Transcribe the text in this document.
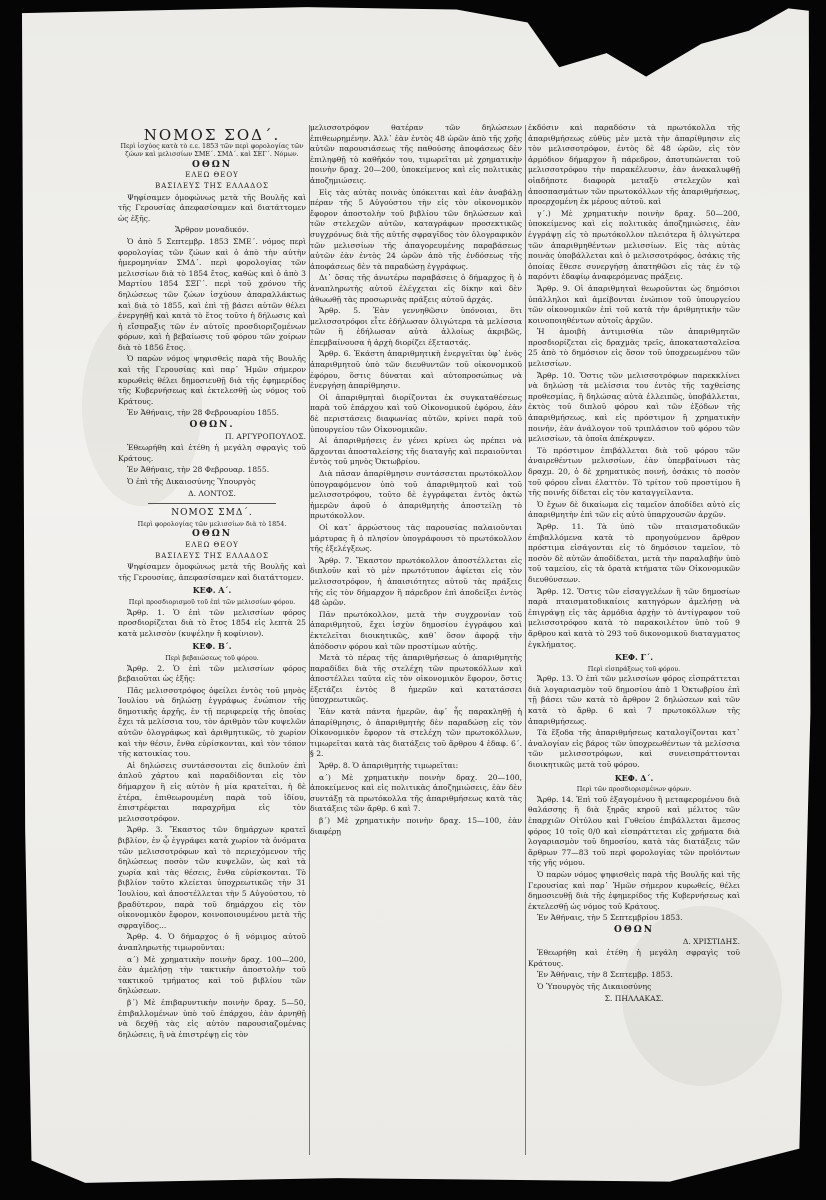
ΝΟΜΟΣ ΣΟΔ΄.

Περὶ ἰσχύος κατὰ τὸ ε.ε. 1853 τῶν περὶ φορολογίας τῶν ζώων καὶ μελισσίων ΣΜΕ΄. ΣΜΔ΄. καὶ ΣΕΓ΄. Νόμων.

ΟΘΩΝ

ΕΛΕΩ ΘΕΟΥ

ΒΑΣΙΛΕΥΣ ΤΗΣ ΕΛΛΑΔΟΣ

Ψηφίσαμεν ὁμοφώνως μετὰ τῆς Βουλῆς καὶ τῆς Γερουσίας ἀπεφασίσαμεν καὶ διατάττομεν ὡς ἑξῆς.

Ἄρθρον μοναδικόν.

Ὁ ἀπὸ 5 Σεπτεμβρ. 1853 ΣΜΕ΄. νόμος περὶ φορολογίας τῶν ζώων καὶ ὁ ἀπὸ τὴν αὐτὴν ἡμερομηνίαν ΣΜΔ΄. περὶ φορολογίας τῶν μελισσίων διὰ τὸ 1854 ἔτος, καθὼς καὶ ὁ ἀπὸ 3 Μαρτίου 1854 ΣΞΓ΄. περὶ τοῦ χρόνου τῆς δηλώσεως τῶν ζώων ἰσχύουν ἀπαραλλάκτως καὶ διὰ τὸ 1855, καὶ ἐπὶ τῇ βάσει αὐτῶν θέλει ἐνεργηθῇ καὶ κατὰ τὸ ἔτος τοῦτο ἡ δήλωσις καὶ ἡ εἴσπραξις τῶν ἐν αὐτοῖς προσδιοριζομένων φόρων, καὶ ἡ βεβαίωσις τοῦ φόρου τῶν χοίρων διὰ τὸ 1856 ἔτος.

Ὁ παρὼν νόμος ψηφισθεὶς παρὰ τῆς Βουλῆς καὶ τῆς Γερουσίας καὶ παρ᾿ Ἡμῶν σήμερον κυρωθεὶς θέλει δημοσιευθῇ διὰ τῆς ἐφημερίδος τῆς Κυβερνήσεως καὶ ἐκτελεσθῇ ὡς νόμος τοῦ Κράτους.

Ἐν Ἀθήναις, τὴν 28 Φεβρουαρίου 1855.

ΟΘΩΝ.

Π. ΑΡΓΥΡΟΠΟΥΛΟΣ.

Ἐθεωρήθη καὶ ἐτέθη ἡ μεγάλη σφραγὶς τοῦ Κράτους.

Ἐν Ἀθήναις, τὴν 28 Φεβρουαρ. 1855.

Ὁ ἐπὶ τῆς Δικαιοσύνης Ὑπουργὸς

Δ. ΛΟΝΤΟΣ.

ΝΟΜΟΣ ΣΜΔ΄.

Περὶ φορολογίας τῶν μελισσίων διὰ τὸ 1854.

ΟΘΩΝ

ΕΛΕΩ ΘΕΟΥ

ΒΑΣΙΛΕΥΣ ΤΗΣ ΕΛΛΑΔΟΣ

Ψηφίσαμεν ὁμοφώνως μετὰ τῆς Βουλῆς καὶ τῆς Γερουσίας, ἀπεφασίσαμεν καὶ διατάττομεν.

ΚΕΦ. Α΄.

Περὶ προσδιορισμοῦ τοῦ ἐπὶ τῶν μελισσίων φόρου.

Ἄρθρ. 1. Ὁ ἐπὶ τῶν μελισσίων φόρος προσδιορίζεται διὰ τὸ ἔτος 1854 εἰς λεπτὰ 25 κατὰ μελισσὸν (κυψέλην ἢ κοφίνιον).

ΚΕΦ. Β΄.

Περὶ βεβαιώσεως τοῦ φόρου.

Ἄρθρ. 2. Ὁ ἐπὶ τῶν μελισσίων φόρος βεβαιοῦται ὡς ἑξῆς:

Πᾶς μελισσοτρόφος ὀφείλει ἐντὸς τοῦ μηνὸς Ἰουλίου νὰ δηλώσῃ ἐγγράφως ἐνώπιον τῆς δημοτικῆς ἀρχῆς, ἐν τῇ περιφερείᾳ τῆς ὁποίας ἔχει τὰ μελίσσια του, τὸν ἀριθμὸν τῶν κυψελῶν αὐτῶν ὁλογράφως καὶ ἀριθμητικῶς, τὸ χωρίον καὶ τὴν θέσιν, ἔνθα εὑρίσκονται, καὶ τὸν τόπον τῆς κατοικίας του.

Αἱ δηλώσεις συντάσσονται εἰς διπλοῦν ἐπὶ ἁπλοῦ χάρτου καὶ παραδίδονται εἰς τὸν δήμαρχον ἢ εἰς αὐτὸν ἡ μία κρατεῖται, ἡ δὲ ἑτέρα, ἐπιθεωρουμένη παρὰ τοῦ ἰδίου, ἐπιστρέφεται παραχρῆμα εἰς τὸν μελισσοτρόφον.

Ἄρθρ. 3. Ἕκαστος τῶν δημάρχων κρατεῖ βιβλίον, ἐν ᾧ ἐγγράφει κατὰ χωρίον τὰ ὀνόματα τῶν μελισσοτρόφων καὶ τὸ περιεχόμενον τῆς δηλώσεως ποσὸν τῶν κυψελῶν, ὡς καὶ τὰ χωρία καὶ τὰς θέσεις, ἔνθα εὑρίσκονται. Τὸ βιβλίον τοῦτο κλείεται ὑποχρεωτικῶς τὴν 31 Ἰουλίου, καὶ ἀποστέλλεται τὴν 5 Αὐγούστου, τὸ βραδύτερον, παρὰ τοῦ δημάρχου εἰς τὸν οἰκονομικὸν ἔφορον, κοινοποιουμένου μετὰ τῆς σφραγῖδος...

Ἄρθρ. 4. Ὁ δήμαρχος ὁ ἢ νόμιμος αὐτοῦ ἀναπληρωτὴς τιμωροῦνται:

α΄) Μὲ χρηματικὴν ποινὴν δραχ. 100—200, ἐὰν ἀμελήσῃ τὴν τακτικὴν ἀποστολὴν τοῦ τακτικοῦ τμήματος καὶ τοῦ βιβλίου τῶν δηλώσεων.

β΄) Μὲ ἐπιβαρυντικὴν ποινὴν δραχ. 5—50, ἐπιβαλλομένων ὑπὸ τοῦ ἐπάρχου, ἐὰν ἀρνηθῇ νὰ δεχθῇ τὰς εἰς αὐτὸν παρουσιαζομένας δηλώσεις, ἢ νὰ ἐπιστρέψῃ εἰς τὸν

μελισσοτρόφον θατέραν τῶν δηλώσεων ἐπιθεωρημένην. Ἀλλ᾿ ἐὰν ἐντὸς 48 ὡρῶν ἀπὸ τῆς χρῆς αὐτῶν παρουσιάσεως τῆς παθούσης ἀποφάσεως δὲν ἐπιληφθῇ τὸ καθῆκόν του, τιμωρεῖται μὲ χρηματικὴν ποινὴν δραχ. 20—200, ὑποκείμενος καὶ εἰς πολιτικὰς ἀποζημιώσεις.

Εἰς τὰς αὐτὰς ποινὰς ὑπόκειται καὶ ἐὰν ἀναβάλῃ πέραν τῆς 5 Αὐγούστου τὴν εἰς τὸν οἰκονομικὸν ἔφορον ἀποστολὴν τοῦ βιβλίου τῶν δηλώσεων καὶ τῶν στελεχῶν αὐτῶν, καταγράφων προσεκτικῶς συγχρόνως διὰ τῆς αὐτῆς σφραγῖδος τὸν ὁλογραφικὸν τῶν μελισσίων τῆς ἀπαγορευμένης παραβάσεως αὐτῶν ἐὰν ἐντὸς 24 ὡρῶν ἀπὸ τῆς ἐνδόσεως τῆς ἀποφάσεως δὲν τὰ παραδώσῃ ἐγγράφως.

Δι᾿ ὅσας τῆς ἀνωτέρω παραβάσεις ὁ δήμαρχος ἢ ὁ ἀναπληρωτὴς αὐτοῦ ἐλέγχεται εἰς δίκην καὶ δὲν ἀθωωθῇ τὰς προσωρινὰς πράξεις αὐτοῦ ἀρχάς.

Ἄρθρ. 5. Ἐὰν γεννηθῶσιν ὑπόνοιαι, ὅτι μελισσοτρόφοι εἶτε ἐδήλωσαν ὀλιγώτερα τὰ μελίσσια τῶν ἢ ἐδήλωσαν αὐτὰ ἀλλοίως ἀκριβῶς, ἐπεμβαίνουσα ἡ ἀρχὴ διορίζει ἐξεταστάς.

Ἄρθρ. 6. Ἑκάστη ἀπαριθμητικὴ ἐνεργεῖται ὑφ᾿ ἑνὸς ἀπαριθμητοῦ ὑπὸ τῶν διευθυντῶν τοῦ οἰκονομικοῦ ἐφόρου, ὅστις δύναται καὶ αὐτοπροσώπως νὰ ἐνεργήσῃ ἀπαρίθμησιν.

Οἱ ἀπαριθμηταὶ διορίζονται ἐκ συγκαταθέσεως παρὰ τοῦ ἐπάρχου καὶ τοῦ Οἰκονομικοῦ ἐφόρου, ἐὰν δὲ περιστάσεις διαφωνίας αὐτῶν, κρίνει παρὰ τοῦ ὑπουργείου τῶν Οἰκονομικῶν.

Αἱ ἀπαριθμήσεις ἐν γένει κρίνει ὡς πρέπει νὰ ἄρχονται ἀποσταλείσης τῆς διαταγῆς καὶ περαιοῦνται ἐντὸς τοῦ μηνὸς Ὀκτωβρίου.

Διὰ πᾶσαν ἀπαρίθμησιν συντάσσεται πρωτόκολλον ὑπογραφόμενον ὑπὸ τοῦ ἀπαριθμητοῦ καὶ τοῦ μελισσοτρόφου, τοῦτο δὲ ἐγγράφεται ἐντὸς ὀκτὼ ἡμερῶν ἀφοῦ ὁ ἀπαριθμητὴς ἀποστείλῃ τὸ πρωτόκολλον.

Οἱ κατ᾿ ἀρρώστους τὰς παρουσίας παλαιοῦνται μάρτυρας ἢ ὁ πλησίον ὑπογράφουσι τὸ πρωτόκολλον τῆς ἐξελέγξεως.

Ἄρθρ. 7. Ἕκαστον πρωτόκολλον ἀποστέλλεται εἰς διπλοῦν καὶ τὸ μὲν πρωτότυπον ἀφίεται εἰς τὸν μελισσοτρόφον, ἡ ἀπαισιότητες αὐτοῦ τὰς πράξεις τῆς εἰς τὸν δήμαρχον ἢ πάρεδρον ἐπὶ ἀποδείξει ἐντὸς 48 ὡρῶν.

Πᾶν πρωτόκολλον, μετὰ τὴν συγχρονίαν τοῦ ἀπαριθμητοῦ, ἔχει ἰσχὺν δημοσίου ἐγγράφου καὶ ἐκτελεῖται διοικητικῶς, καθ᾿ ὅσον ἀφορᾷ τὴν ἀπόδοσιν φόρου καὶ τῶν προστίμων αὐτῆς.

Μετὰ τὸ πέρας τῆς ἀπαριθμήσεως ὁ ἀπαριθμητὴς παραδίδει διὰ τῆς στελέχη τῶν πρωτοκόλλων καὶ ἀποστέλλει ταῦτα εἰς τὸν οἰκονομικὸν ἔφορον, ὅστις ἐξετάζει ἐντὸς 8 ἡμερῶν καὶ κατατάσσει ὑποχρεωτικῶς.

Ἐὰν κατὰ πάντα ἡμερῶν, ἀφ᾿ ἧς παρακληθῇ ἡ ἀπαρίθμησις, ὁ ἀπαριθμητὴς δὲν παραδώσῃ εἰς τὸν Οἰκονομικὸν ἔφορον τὰ στελέχη τῶν πρωτοκόλλων, τιμωρεῖται κατὰ τὰς διατάξεις τοῦ ἄρθρου 4 ἐδαφ. 6΄. § 2.

Ἄρθρ. 8. Ὁ ἀπαριθμητὴς τιμωρεῖται:

α΄) Μὲ χρηματικὴν ποινὴν δραχ. 20—100, ἀποκείμενος καὶ εἰς πολιτικὰς ἀποζημιώσεις, ἐὰν δὲν συντάξῃ τὰ πρωτόκολλα τῆς ἀπαριθμήσεως κατὰ τὰς διατάξεις τῶν ἄρθρ. 6 καὶ 7.

β΄) Μὲ χρηματικὴν ποινὴν δραχ. 15—100, ἐὰν διαφέρῃ

ἐκδόσιν καὶ παραδόσιν τὰ πρωτόκολλα τῆς ἀπαριθμήσεως εὐθὺς μὲν μετὰ τὴν ἀπαρίθμησιν εἰς τὸν μελισσοτρόφον, ἐντὸς δὲ 48 ὡρῶν, εἰς τὸν ἁρμόδιον δήμαρχον ἢ πάρεδρον, ἀποτυπώνεται τοῦ μελισσοτρόφου τὴν παρακέλευσιν, ἐὰν ἀνακαλυφθῇ οἱαδήποτε διαφορὰ μεταξὺ στελεχῶν καὶ ἀποσπασμάτων τῶν πρωτοκόλλων τῆς ἀπαριθμήσεως, προερχομένη ἐκ μέρους αὐτοῦ. καὶ

γ΄.) Μὲ χρηματικὴν ποινὴν δραχ. 50—200, ὑποκείμενος καὶ εἰς πολιτικὰς ἀποζημιώσεις, ἐὰν ἐγγράψῃ εἰς τὸ πρωτόκολλον πλειότερα ἢ ὀλιγώτερα τῶν ἀπαριθμηθέντων μελισσίων. Εἰς τὰς αὐτὰς ποινὰς ὑποβάλλεται καὶ ὁ μελισσοτρόφος, ὁσάκις τῆς ὁποίας ἔθεσε συνεργήσῃ ἀπατηθῶσι εἰς τὰς ἐν τῷ παρόντι ἐδαφίῳ ἀναφερόμενας πράξεις.

Ἄρθρ. 9. Οἱ ἀπαριθμηταὶ θεωροῦνται ὡς δημόσιοι ὑπάλληλοι καὶ ἀμείβονται ἐνώπιον τοῦ ὑπουργείου τῶν οἰκονομικῶν ἐπὶ τοῦ κατὰ τὴν ἀριθμητικὴν τῶν κοινοποιηθέντων αὐτοῖς ἀρχῶν.

Ἡ ἀμοιβὴ ἀντιμισθία τῶν ἀπαριθμητῶν προσδιορίζεται εἰς δραχμὰς τρεῖς, ἀποκατασταλεῖσα 25 ἀπὸ τὸ δημόσιον εἰς ὅσον τοῦ ὑποχρεωμένου τῶν μελισσίων.

Ἄρθρ. 10. Ὅστις τῶν μελισσοτρόφων παρεκκλίνει νὰ δηλώσῃ τὰ μελίσσια του ἐντὸς τῆς ταχθείσης προθεσμίας, ἢ δηλώσας αὐτὰ ἐλλειπῶς, ὑποβάλλεται, ἐκτὸς τοῦ διπλοῦ φόρου καὶ τῶν ἐξόδων τῆς ἀπαριθμήσεως, καὶ εἰς πρόστιμον ἢ χρηματικὴν ποινήν, ἐὰν ἀνάλογον τοῦ τριπλάσιον τοῦ φόρου τῶν μελισσίων, τὰ ὁποῖα ἀπέκρυψεν.

Τὸ πρόστιμον ἐπιβάλλεται διὰ τοῦ φόρου τῶν ἀναιρεθέντων μελισσίων, ἐὰν ὑπερβαίνωσι τὰς δραχμ. 20, ὁ δὲ χρηματικὸς ποινή, ὁσάκις τὸ ποσὸν τοῦ φόρου εἶναι ἐλαττὸν. Τὸ τρίτον τοῦ προστίμου ἢ τῆς ποινῆς δίδεται εἰς τὸν καταγγείλαντα.

Ὁ ἔχων δὲ δικαίωμα εἰς ταμεῖον ἀποδίδει αὐτὸ εἰς ἀπαριθμητὴν ἐπὶ τῶν εἰς αὐτὸ ὑπαρχουσῶν ἀρχῶν.

Ἄρθρ. 11. Τὰ ὑπὸ τῶν πταισματοδικῶν ἐπιβαλλόμενα κατὰ τὸ προηγούμενον ἄρθρον πρόστιμα εἰσάγονται εἰς τὸ δημόσιον ταμεῖον, τὸ ποσὸν δὲ αὐτῶν ἀποδίδεται, μετὰ τὴν παραλαβὴν ὑπὸ τοῦ ταμείου, εἰς τὰ ὁρατὰ κτήματα τῶν Οἰκονομικῶν διευθύνσεων.

Ἄρθρ. 12. Ὅστις τῶν εἰσαγγελέων ἢ τῶν δημοσίων παρὰ πταισματοδικαίοις κατηγόρων ἀμελήσῃ νὰ ἐπιγράψῃ εἰς τὰς ἀρμόδια ἀρχὴν τὸ ἀντίγραφον τοῦ μελισσοτρόφου κατὰ τὸ παρακοιλέτον ὑπὸ τοῦ 9 ἄρθρου καὶ κατὰ τὸ 293 τοῦ δικονομικοῦ διαταγματος ἐγκλήματος.

ΚΕΦ. Γ΄.

Περὶ εἰσπράξεως τοῦ φόρου.

Ἄρθρ. 13. Ὁ ἐπὶ τῶν μελισσίων φόρος εἰσπράττεται διὰ λογαριασμὸν τοῦ δημοσίου ἀπὸ 1 Ὀκτωβρίου ἐπὶ τῇ βάσει τῶν κατὰ τὸ ἄρθρον 2 δηλώσεων καὶ τῶν κατὰ τὸ ἄρθρ. 6 καὶ 7 πρωτοκόλλων τῆς ἀπαριθμήσεως.

Τὰ ἔξοδα τῆς ἀπαριθμήσεως καταλογίζονται κατ᾿ ἀναλογίαν εἰς βάρος τῶν ὑποχρεωθέντων τὰ μελίσσια τῶν μελισσοτρόφων, καὶ συνεισπράττονται διοικητικῶς μετὰ τοῦ φόρου.

ΚΕΦ. Δ΄.

Περὶ τῶν προσδιορισμένων φόρων.

Ἄρθρ. 14. Ἐπὶ τοῦ ἐξαγομένου ἢ μεταφερομένου διὰ θαλάσσης ἢ διὰ ξηρᾶς κηροῦ καὶ μέλιτος τῶν ἐπαρχιῶν Οἰτύλου καὶ Γυθείου ἐπιβάλλεται ἄμεσος φόρος 10 τοῖς 0/0 καὶ εἰσπράττεται εἰς χρήματα διὰ λογαριασμὸν τοῦ δημοσίου, κατὰ τὰς διατάξεις τῶν ἄρθρων 77—83 τοῦ περὶ φορολογίας τῶν προϊόντων τῆς γῆς νόμου.

Ὁ παρὼν νόμος ψηφισθεὶς παρὰ τῆς Βουλῆς καὶ τῆς Γερουσίας καὶ παρ᾿ Ἡμῶν σήμερον κυρωθείς, θέλει δημοσιευθῇ διὰ τῆς ἐφημερίδος τῆς Κυβερνήσεως καὶ ἐκτελεσθῇ ὡς νόμος τοῦ Κράτους.

Ἐν Ἀθήναις, τὴν 5 Σεπτεμβρίου 1853.

ΟΘΩΝ

Δ. ΧΡΙΣΤΙΔΗΣ.

Ἐθεωρήθη καὶ ἐτέθη ἡ μεγάλη σφραγὶς τοῦ Κράτους.

Ἐν Ἀθήναις, τὴν 8 Σεπτεμβρ. 1853.

Ὁ Ὑπουργὸς τῆς Δικαιοσύνης

Σ. ΠΗΛΛΑΚΑΣ.
